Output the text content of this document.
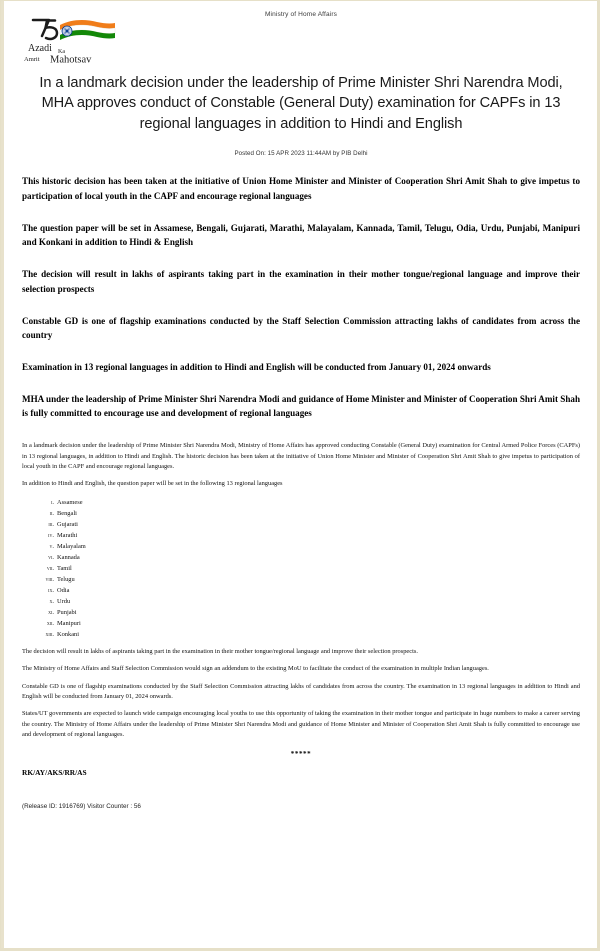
Azadi Ka
Amrit Mahotsav
Ministry of Home Affairs
In a landmark decision under the leadership of Prime Minister Shri Narendra Modi, MHA approves conduct of Constable (General Duty) examination for CAPFs in 13 regional languages in addition to Hindi and English
Posted On: 15 APR 2023 11:44AM by PIB Delhi

This historic decision has been taken at the initiative of Union Home Minister and Minister of Cooperation Shri Amit Shah to give impetus to participation of local youth in the CAPF and encourage regional languages

The question paper will be set in Assamese, Bengali, Gujarati, Marathi, Malayalam, Kannada, Tamil, Telugu, Odia, Urdu, Punjabi, Manipuri and Konkani in addition to Hindi & English

The decision will result in lakhs of aspirants taking part in the examination in their mother tongue/regional language and improve their selection prospects

Constable GD is one of flagship examinations conducted by the Staff Selection Commission attracting lakhs of candidates from across the country

Examination in 13 regional languages in addition to Hindi and English will be conducted from January 01, 2024 onwards

MHA under the leadership of Prime Minister Shri Narendra Modi and guidance of Home Minister and Minister of Cooperation Shri Amit Shah is fully committed to encourage use and development of regional languages

In a landmark decision under the leadership of Prime Minister Shri Narendra Modi, Ministry of Home Affairs has approved conducting Constable (General Duty) examination for Central Armed Police Forces (CAPFs) in 13 regional languages, in addition to Hindi and English. The historic decision has been taken at the initiative of Union Home Minister and Minister of Cooperation Shri Amit Shah to give impetus to participation of local youth in the CAPF and encourage regional languages.

In addition to Hindi and English, the question paper will be set in the following 13 regional languages

i. Assamese
ii. Bengali
iii. Gujarati
iv. Marathi
v. Malayalam
vi. Kannada
vii. Tamil
viii. Telugu
ix. Odia
x. Urdu
xi. Punjabi
xii. Manipuri
xiii. Konkani

The decision will result in lakhs of aspirants taking part in the examination in their mother tongue/regional language and improve their selection prospects.

The Ministry of Home Affairs and Staff Selection Commission would sign an addendum to the existing MoU to facilitate the conduct of the examination in multiple Indian languages.

Constable GD is one of flagship examinations conducted by the Staff Selection Commission attracting lakhs of candidates from across the country. The examination in 13 regional languages in addition to Hindi and English will be conducted from January 01, 2024 onwards.

States/UT governments are expected to launch wide campaign encouraging local youths to use this opportunity of taking the examination in their mother tongue and participate in huge numbers to make a career serving the country. The Ministry of Home Affairs under the leadership of Prime Minister Shri Narendra Modi and guidance of Home Minister and Minister of Cooperation Shri Amit Shah is fully committed to encourage use and development of regional languages.

*****
RK/AY/AKS/RR/AS
(Release ID: 1916769) Visitor Counter : 56
